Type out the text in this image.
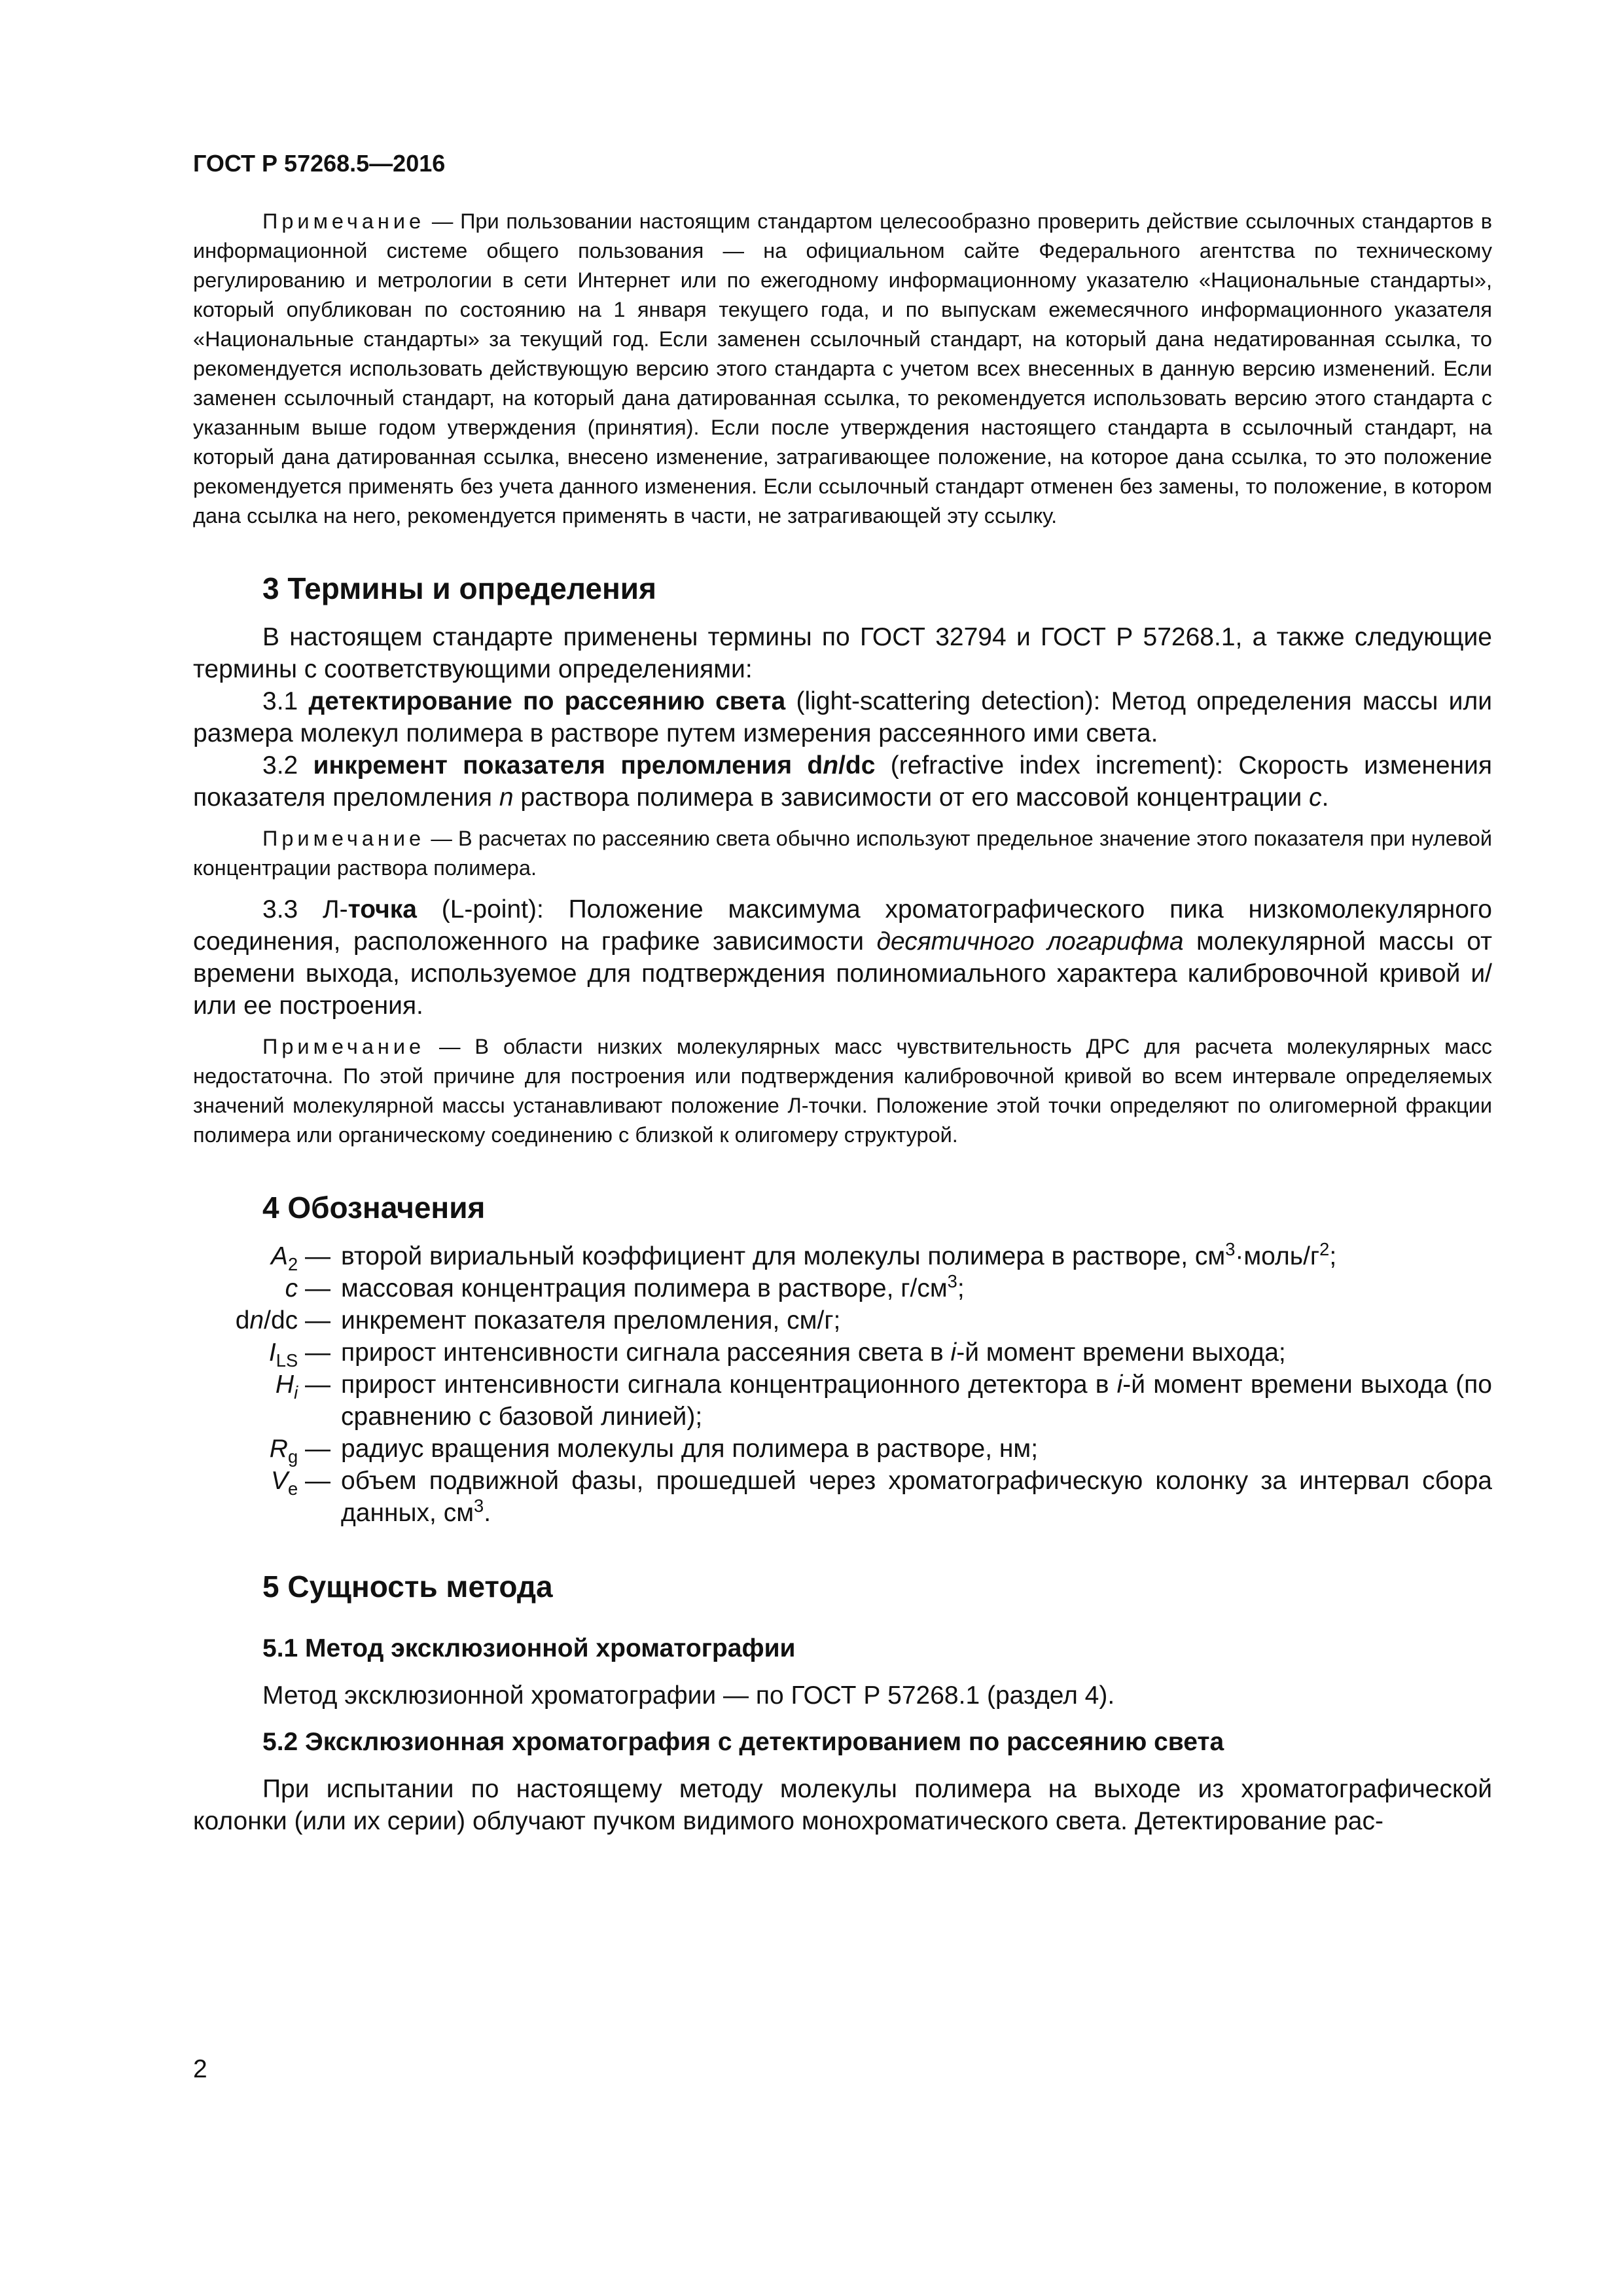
ГОСТ Р 57268.5—2016

Примечание — При пользовании настоящим стандартом целесообразно проверить действие ссылочных стандартов в информационной системе общего пользования — на официальном сайте Федерального агентства по техническому регулированию и метрологии в сети Интернет или по ежегодному информационному указателю «Национальные стандарты», который опубликован по состоянию на 1 января текущего года, и по выпускам ежемесячного информационного указателя «Национальные стандарты» за текущий год. Если заменен ссылочный стандарт, на который дана недатированная ссылка, то рекомендуется использовать действующую версию этого стандарта с учетом всех внесенных в данную версию изменений. Если заменен ссылочный стандарт, на который дана датированная ссылка, то рекомендуется использовать версию этого стандарта с указанным выше годом утверждения (принятия). Если после утверждения настоящего стандарта в ссылочный стандарт, на который дана датированная ссылка, внесено изменение, затрагивающее положение, на которое дана ссылка, то это положение рекомендуется применять без учета данного изменения. Если ссылочный стандарт отменен без замены, то положение, в котором дана ссылка на него, рекомендуется применять в части, не затрагивающей эту ссылку.

3 Термины и определения

В настоящем стандарте применены термины по ГОСТ 32794 и ГОСТ Р 57268.1, а также следующие термины с соответствующими определениями:

3.1 детектирование по рассеянию света (light-scattering detection): Метод определения массы или размера молекул полимера в растворе путем измерения рассеянного ими света.

3.2 инкремент показателя преломления dn/dc (refractive index increment): Скорость изменения показателя преломления n раствора полимера в зависимости от его массовой концентрации c.

Примечание — В расчетах по рассеянию света обычно используют предельное значение этого показателя при нулевой концентрации раствора полимера.

3.3 Л-точка (L-point): Положение максимума хроматографического пика низкомолекулярного соединения, расположенного на графике зависимости десятичного логарифма молекулярной массы от времени выхода, используемое для подтверждения полиномиального характера калибровочной кривой и/или ее построения.

Примечание — В области низких молекулярных масс чувствительность ДРС для расчета молекулярных масс недостаточна. По этой причине для построения или подтверждения калибровочной кривой во всем интервале определяемых значений молекулярной массы устанавливают положение Л-точки. Положение этой точки определяют по олигомерной фракции полимера или органическому соединению с близкой к олигомеру структурой.

4 Обозначения
$A_2$ — второй вириальный коэффициент для молекулы полимера в растворе, $см^3\cdot моль/г^2$;
c — массовая концентрация полимера в растворе, $г/см^3$;
dn/dc — инкремент показателя преломления, см/г;
$I_{LS}$ — прирост интенсивности сигнала рассеяния света в i-й момент времени выхода;
$H_i$ — прирост интенсивности сигнала концентрационного детектора в i-й момент времени выхода (по сравнению с базовой линией);
$R_g$ — радиус вращения молекулы для полимера в растворе, нм;
$V_e$ — объем подвижной фазы, прошедшей через хроматографическую колонку за интервал сбора данных, $см^3$.
5 Сущность метода
5.1 Метод эксклюзионной хроматографии

Метод эксклюзионной хроматографии — по ГОСТ Р 57268.1 (раздел 4).

5.2 Эксклюзионная хроматография с детектированием по рассеянию света

При испытании по настоящему методу молекулы полимера на выходе из хроматографической колонки (или их серии) облучают пучком видимого монохроматического света. Детектирование рас-

2
